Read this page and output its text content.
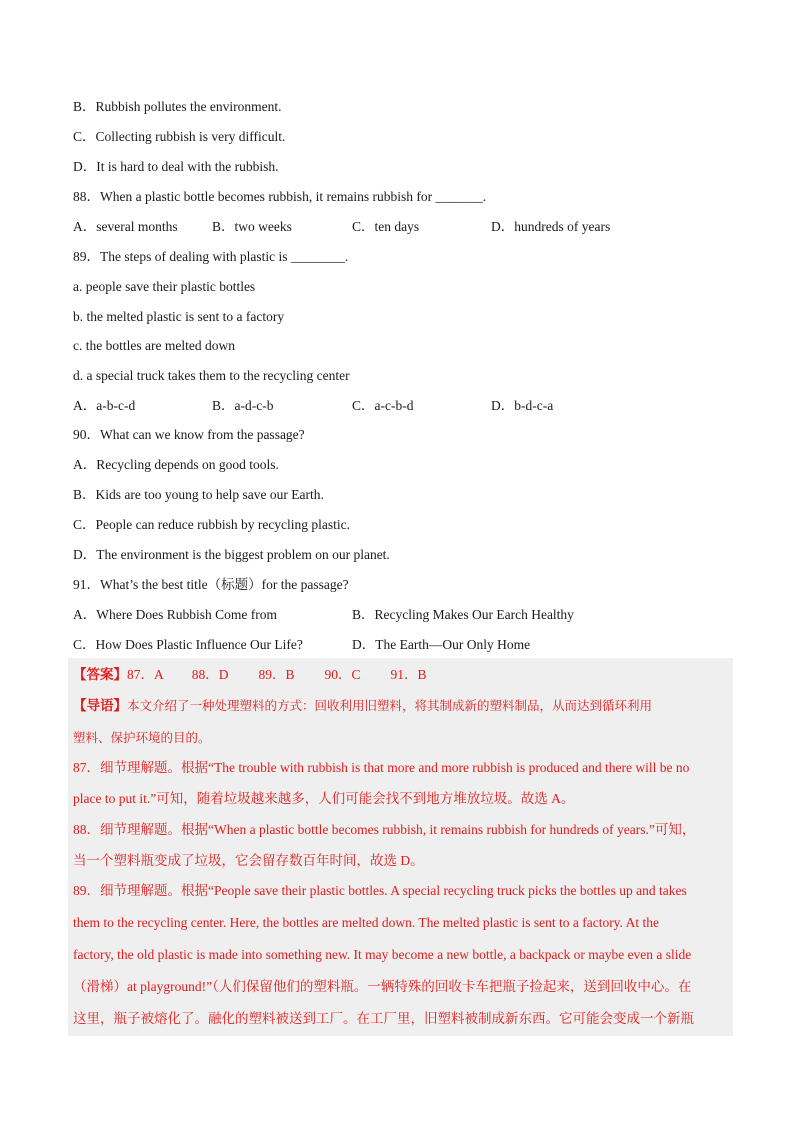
B．Rubbish pollutes the environment.
C．Collecting rubbish is very difficult.
D．It is hard to deal with the rubbish.
88．When a plastic bottle becomes rubbish, it remains rubbish for _______.
A．several months	B．two weeks	C．ten days	D．hundreds of years
89．The steps of dealing with plastic is ________.
a. people save their plastic bottles
b. the melted plastic is sent to a factory
c. the bottles are melted down
d. a special truck takes them to the recycling center
A．a-b-c-d	B．a-d-c-b	C．a-c-b-d	D．b-d-c-a
90．What can we know from the passage?
A．Recycling depends on good tools.
B．Kids are too young to help save our Earth.
C．People can reduce rubbish by recycling plastic.
D．The environment is the biggest problem on our planet.
91．What’s the best title（标题）for the passage?
A．Where Does Rubbish Come from	B．Recycling Makes Our Earch Healthy
C．How Does Plastic Influence Our Life?	D．The Earth—Our Only Home
【答案】87．A 88．D 89．B 90．C 91．B
【导语】本文介绍了一种处理塑料的方式：回收利用旧塑料，将其制成新的塑料制品，从而达到循环利用
塑料、保护环境的目的。
87．细节理解题。根据“The trouble with rubbish is that more and more rubbish is produced and there will be no
place to put it.”可知，随着垃圾越来越多，人们可能会找不到地方堆放垃圾。故选 A。
88．细节理解题。根据“When a plastic bottle becomes rubbish, it remains rubbish for hundreds of years.”可知，
当一个塑料瓶变成了垃圾，它会留存数百年时间，故选 D。
89．细节理解题。根据“People save their plastic bottles. A special recycling truck picks the bottles up and takes
them to the recycling center. Here, the bottles are melted down. The melted plastic is sent to a factory. At the
factory, the old plastic is made into something new. It may become a new bottle, a backpack or maybe even a slide
（滑梯）at playground!”（人们保留他们的塑料瓶。一辆特殊的回收卡车把瓶子捡起来，送到回收中心。在
这里，瓶子被熔化了。融化的塑料被送到工厂。在工厂里，旧塑料被制成新东西。它可能会变成一个新瓶
